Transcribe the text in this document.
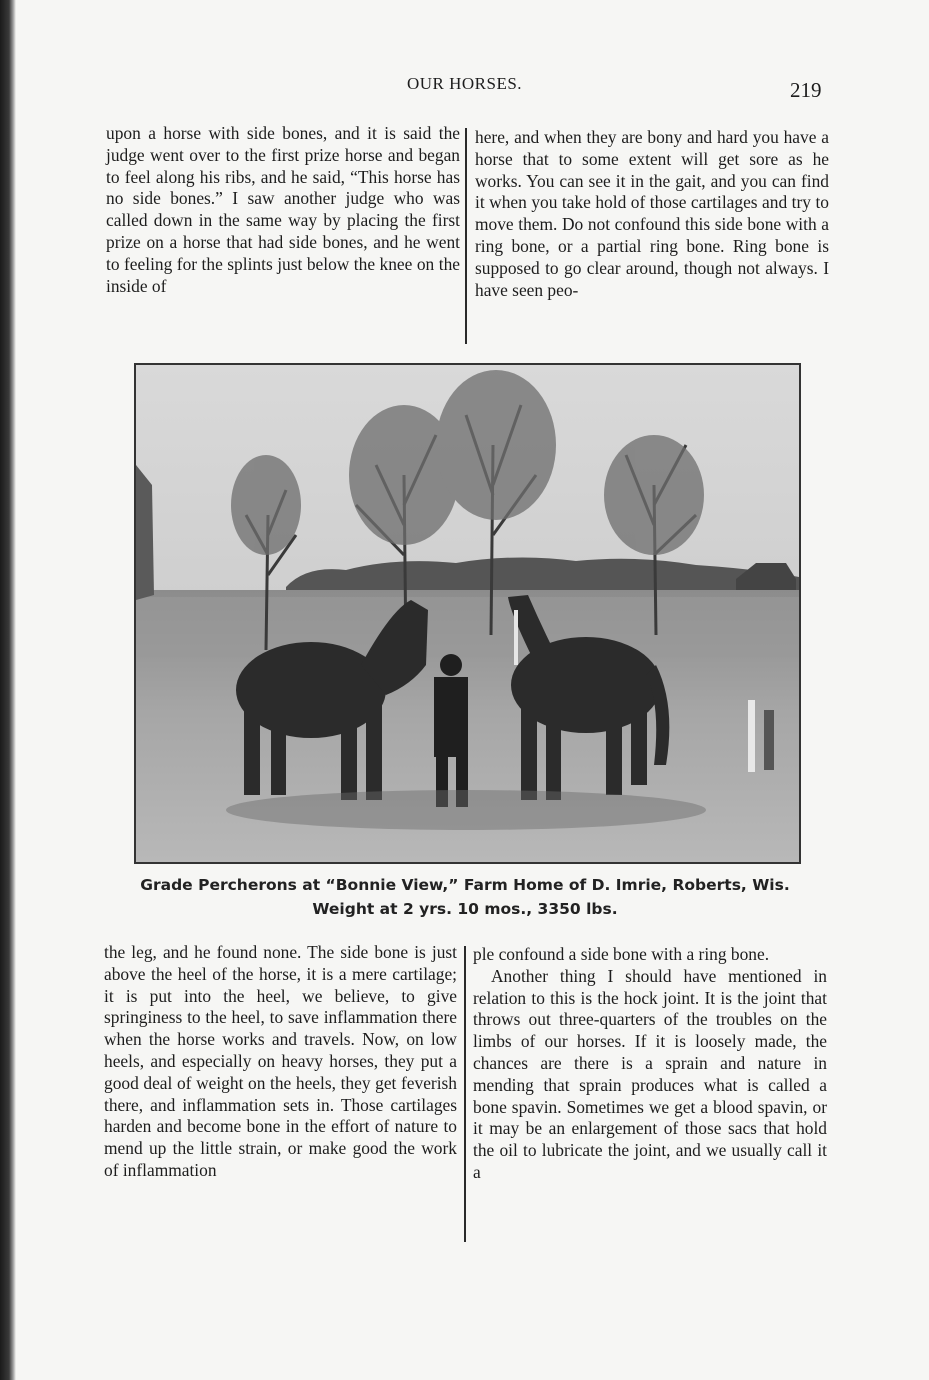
OUR HORSES.	219

upon a horse with side bones, and it is said the judge went over to the first prize horse and began to feel along his ribs, and he said, “This horse has no side bones.” I saw another judge who was called down in the same way by placing the first prize on a horse that had side bones, and he went to feeling for the splints just below the knee on the inside of

here, and when they are bony and hard you have a horse that to some extent will get sore as he works. You can see it in the gait, and you can find it when you take hold of those cartilages and try to move them. Do not confound this side bone with a ring bone, or a partial ring bone. Ring bone is supposed to go clear around, though not always. I have seen peo-

Grade Percherons at “Bonnie View,” Farm Home of D. Imrie, Roberts, Wis.
Weight at 2 yrs. 10 mos., 3350 lbs.

the leg, and he found none. The side bone is just above the heel of the horse, it is a mere cartilage; it is put into the heel, we believe, to give springiness to the heel, to save inflammation there when the horse works and travels. Now, on low heels, and especially on heavy horses, they put a good deal of weight on the heels, they get feverish there, and inflammation sets in. Those cartilages harden and become bone in the effort of nature to mend up the little strain, or make good the work of inflammation

ple confound a side bone with a ring bone.

Another thing I should have mentioned in relation to this is the hock joint. It is the joint that throws out three-quarters of the troubles on the limbs of our horses. If it is loosely made, the chances are there is a sprain and nature in mending that sprain produces what is called a bone spavin. Sometimes we get a blood spavin, or it may be an enlargement of those sacs that hold the oil to lubricate the joint, and we usually call it a
